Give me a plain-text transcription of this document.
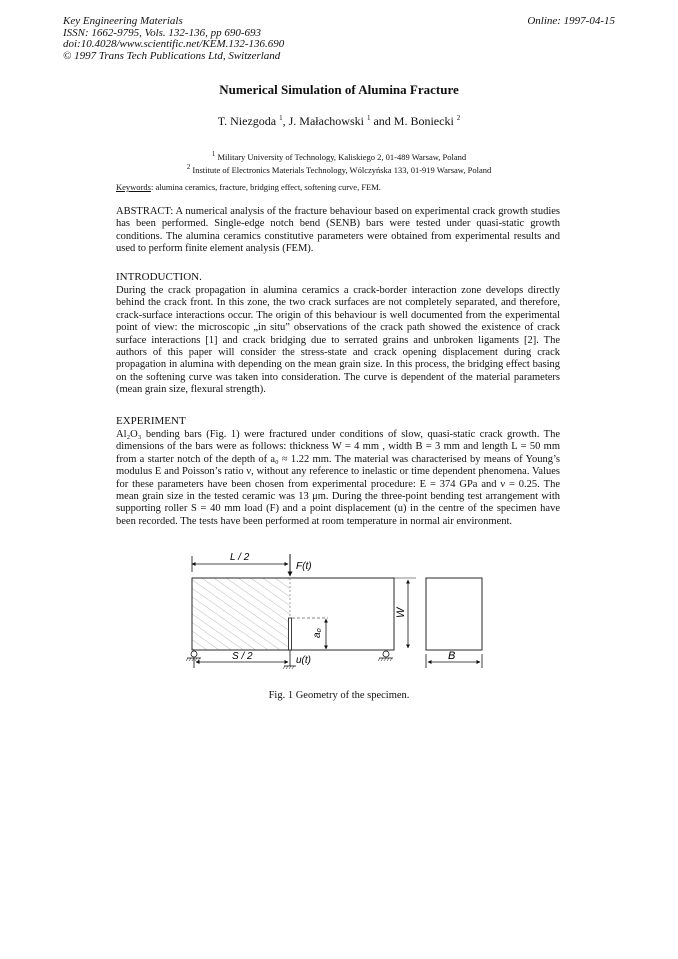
Key Engineering Materials
ISSN: 1662-9795, Vols. 132-136, pp 690-693
doi:10.4028/www.scientific.net/KEM.132-136.690
© 1997 Trans Tech Publications Ltd, Switzerland
Online: 1997-04-15
Numerical Simulation of Alumina Fracture
T. Niezgoda $^1$, J. Małachowski $^1$ and M. Boniecki $^2$
$^1$ Military University of Technology, Kaliskiego 2, 01-489 Warsaw, Poland
$^2$ Institute of Electronics Materials Technology, Wólczyńska 133, 01-919 Warsaw, Poland
Keywords: alumina ceramics, fracture, bridging effect, softening curve, FEM.

ABSTRACT: A numerical analysis of the fracture behaviour based on experimental crack growth studies has been performed. Single-edge notch bend (SENB) bars were tested under quasi-static growth conditions. The alumina ceramics constitutive parameters were obtained from experimental results and used to perform finite element analysis (FEM).

INTRODUCTION.

During the crack propagation in alumina ceramics a crack-border interaction zone develops directly behind the crack front. In this zone, the two crack surfaces are not completely separated, and therefore, crack-surface interactions occur. The origin of this behaviour is well documented from the experimental point of view: the microscopic „in situ” observations of the crack path showed the existence of crack surface interactions [1] and crack bridging due to serrated grains and unbroken ligaments [2]. The authors of this paper will consider the stress-state and crack opening displacement during crack propagation in alumina with depending on the mean grain size. In this process, the bridging effect basing on the softening curve was taken into consideration. The curve is dependent of the material parameters (mean grain size, flexural strength).

EXPERIMENT

Al₂O₃ bending bars (Fig. 1) were fractured under conditions of slow, quasi-static crack growth. The dimensions of the bars were as follows: thickness W = 4 mm , width B = 3 mm and length L = 50 mm from a starter notch of the depth of a₀ ≈ 1.22 mm. The material was characterised by means of Young’s modulus E and Poisson’s ratio ν, without any reference to inelastic or time dependent phenomena. Values for these parameters have been chosen from experimental procedure: E = 374 GPa and ν = 0.25. The mean grain size in the tested ceramic was 13 μm. During the three-point bending test arrangement with supporting roller S = 40 mm load (F) and a point displacement (u) in the centre of the specimen have been recorded. The tests have been performed at room temperature in normal air environment.

L / 2
F(t)
a₀
W
S / 2	u(t)	B
Fig. 1 Geometry of the specimen.
